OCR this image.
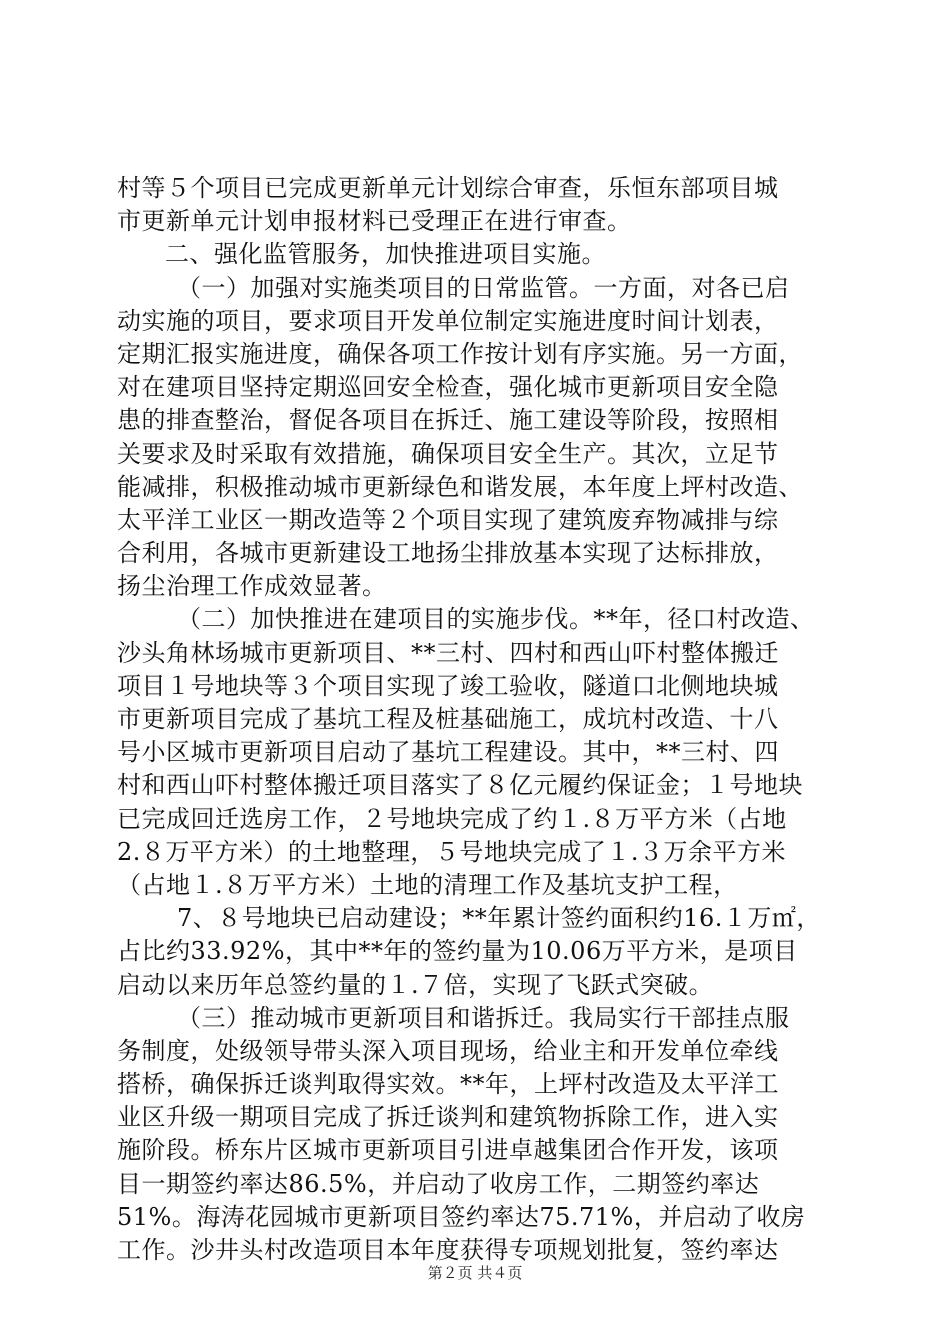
村等５个项目已完成更新单元计划综合审查，乐恒东部项目城
市更新单元计划申报材料已受理正在进行审查。
二、强化监管服务，加快推进项目实施。
（一）加强对实施类项目的日常监管。一方面，对各已启
动实施的项目，要求项目开发单位制定实施进度时间计划表，
定期汇报实施进度，确保各项工作按计划有序实施。另一方面，
对在建项目坚持定期巡回安全检查，强化城市更新项目安全隐
患的排查整治，督促各项目在拆迁、施工建设等阶段，按照相
关要求及时采取有效措施，确保项目安全生产。其次，立足节
能减排，积极推动城市更新绿色和谐发展，本年度上坪村改造、
太平洋工业区一期改造等２个项目实现了建筑废弃物减排与综
合利用，各城市更新建设工地扬尘排放基本实现了达标排放，
扬尘治理工作成效显著。
（二）加快推进在建项目的实施步伐。**年，径口村改造、
沙头角林场城市更新项目、**三村、四村和西山吓村整体搬迁
项目１号地块等３个项目实现了竣工验收，隧道口北侧地块城
市更新项目完成了基坑工程及桩基础施工，成坑村改造、十八
号小区城市更新项目启动了基坑工程建设。其中，**三村、四
村和西山吓村整体搬迁项目落实了８亿元履约保证金；１号地块
已完成回迁选房工作，２号地块完成了约１.８万平方米（占地
2.８万平方米）的土地整理，５号地块完成了１.３万余平方米
（占地１.８万平方米）土地的清理工作及基坑支护工程，
7、８号地块已启动建设；**年累计签约面积约16.１万㎡，
占比约33.92%，其中**年的签约量为10.06万平方米，是项目
启动以来历年总签约量的１.７倍，实现了飞跃式突破。
（三）推动城市更新项目和谐拆迁。我局实行干部挂点服
务制度，处级领导带头深入项目现场，给业主和开发单位牵线
搭桥，确保拆迁谈判取得实效。**年，上坪村改造及太平洋工
业区升级一期项目完成了拆迁谈判和建筑物拆除工作，进入实
施阶段。桥东片区城市更新项目引进卓越集团合作开发，该项
目一期签约率达86.5%，并启动了收房工作，二期签约率达
51%。海涛花园城市更新项目签约率达75.71%，并启动了收房
工作。沙井头村改造项目本年度获得专项规划批复，签约率达
第２页 共４页
